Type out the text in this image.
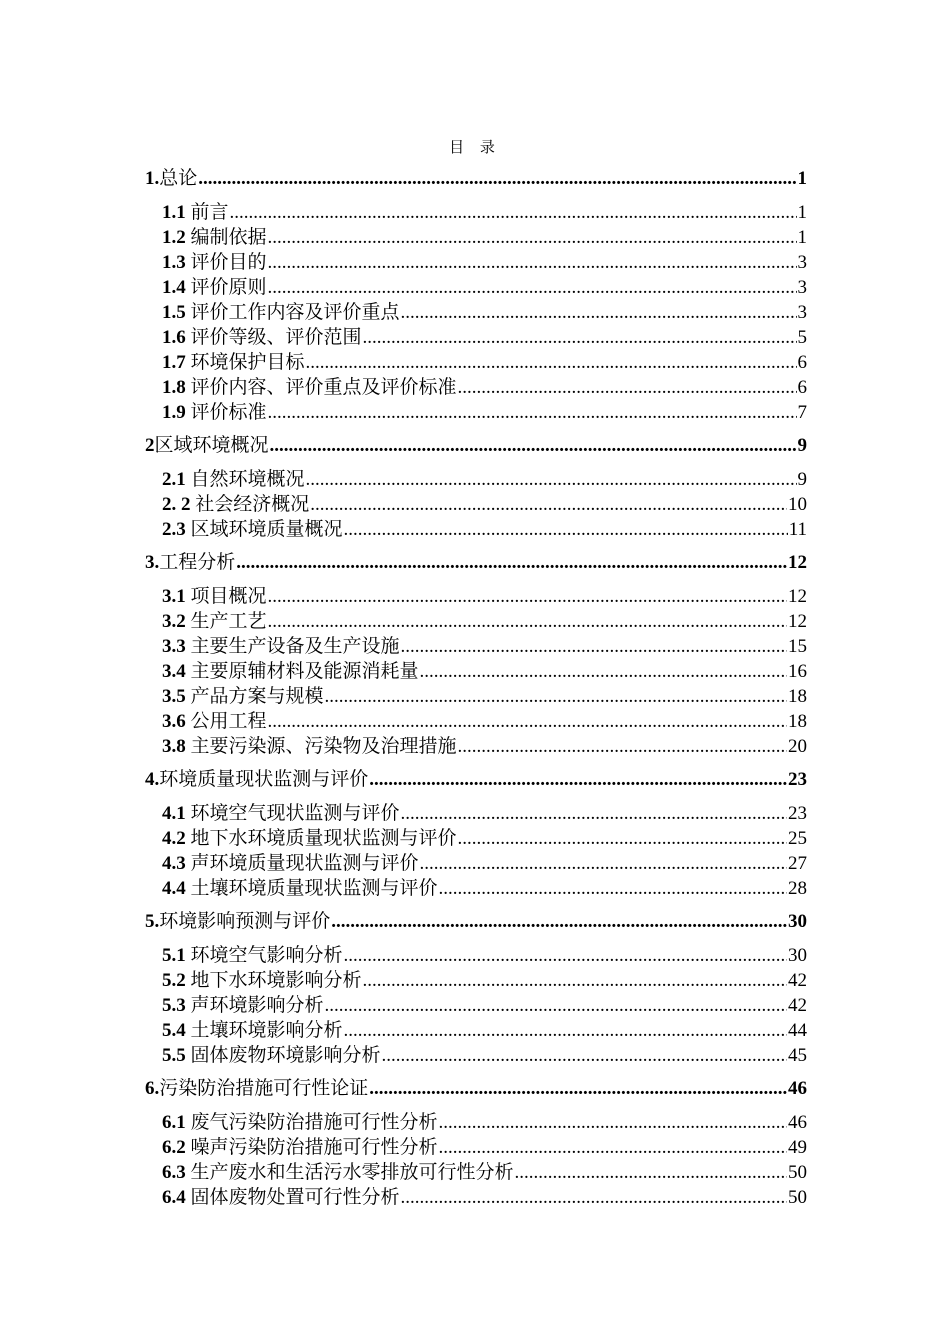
目 录
1.总论 .....	1
1.1 前言 .....	1
1.2 编制依据 .....	1
1.3 评价目的 .....	3
1.4 评价原则 .....	3
1.5 评价工作内容及评价重点 .....	3
1.6 评价等级、评价范围 .....	5
1.7 环境保护目标 .....	6
1.8 评价内容、评价重点及评价标准 .....	6
1.9 评价标准 .....	7
2区域环境概况 .....	9
2.1 自然环境概况 .....	9
2. 2 社会经济概况 .....	10
2.3 区域环境质量概况 .....	11
3.工程分析 .....	12
3.1 项目概况 .....	12
3.2 生产工艺 .....	12
3.3 主要生产设备及生产设施 .....	15
3.4 主要原辅材料及能源消耗量 .....	16
3.5 产品方案与规模 .....	18
3.6 公用工程 .....	18
3.8 主要污染源、污染物及治理措施 .....	20
4.环境质量现状监测与评价 .....	23
4.1 环境空气现状监测与评价 .....	23
4.2 地下水环境质量现状监测与评价 .....	25
4.3 声环境质量现状监测与评价 .....	27
4.4 土壤环境质量现状监测与评价 .....	28
5.环境影响预测与评价 .....	30
5.1 环境空气影响分析 .....	30
5.2 地下水环境影响分析 .....	42
5.3 声环境影响分析 .....	42
5.4 土壤环境影响分析 .....	44
5.5 固体废物环境影响分析 .....	45
6.污染防治措施可行性论证 .....	46
6.1 废气污染防治措施可行性分析 .....	46
6.2 噪声污染防治措施可行性分析 .....	49
6.3 生产废水和生活污水零排放可行性分析 .....	50
6.4 固体废物处置可行性分析 .....	50
